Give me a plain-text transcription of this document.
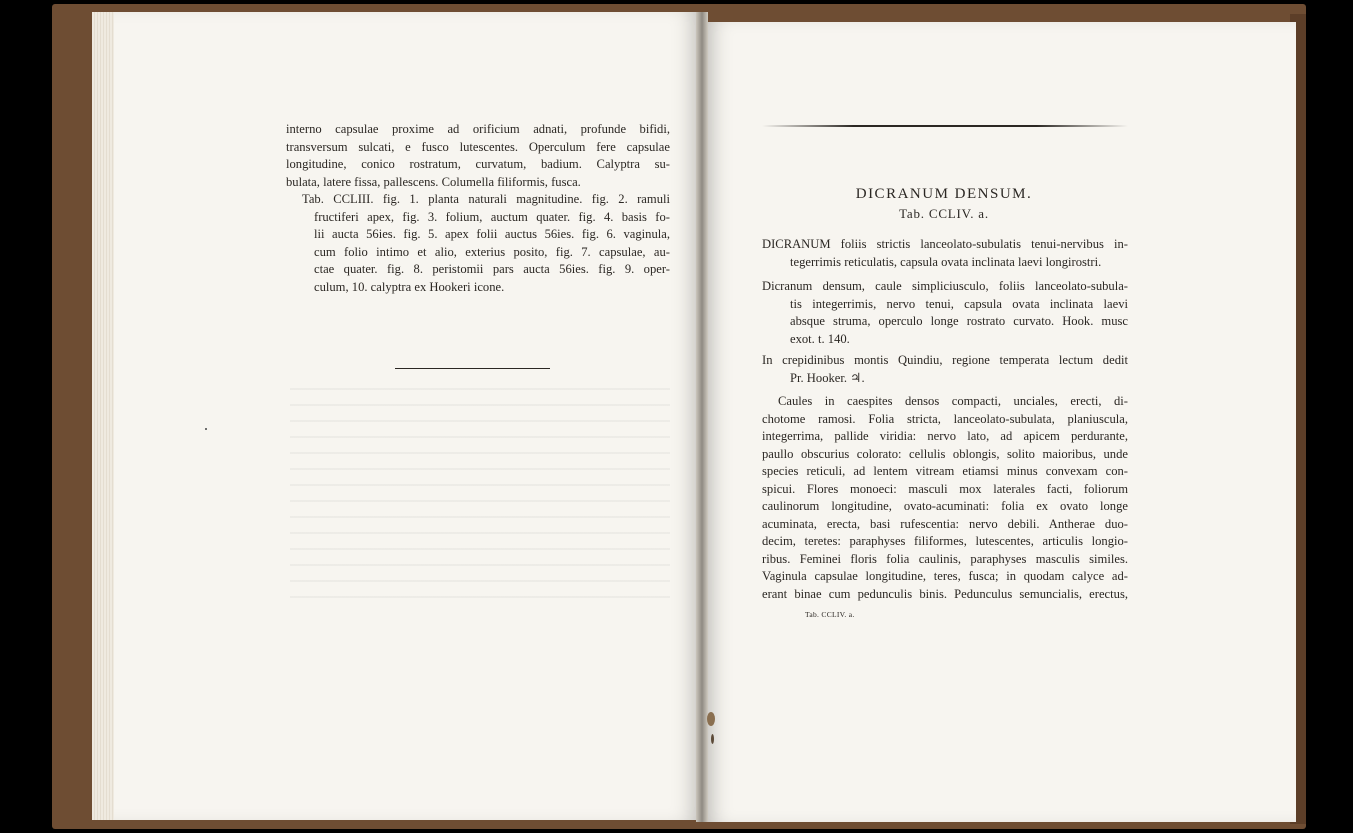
interno capsulae proxime ad orificium adnati, profunde bifidi,
transversum sulcati, e fusco lutescentes. Operculum fere capsulae
longitudine, conico rostratum, curvatum, badium. Calyptra su-
bulata, latere fissa, pallescens. Columella filiformis, fusca.
Tab. CCLIII. fig. 1. planta naturali magnitudine. fig. 2. ramuli
fructiferi apex, fig. 3. folium, auctum quater. fig. 4. basis fo-
lii aucta 56ies. fig. 5. apex folii auctus 56ies. fig. 6. vaginula,
cum folio intimo et alio, exterius posito, fig. 7. capsulae, au-
ctae quater. fig. 8. peristomii pars aucta 56ies. fig. 9. oper-
culum, 10. calyptra ex Hookeri icone.
DICRANUM DENSUM.
Tab. CCLIV. a.
DICRANUM foliis strictis lanceolato-subulatis tenui-nervibus in-
tegerrimis reticulatis, capsula ovata inclinata laevi longirostri.
Dicranum densum, caule simpliciusculo, foliis lanceolato-subula-
tis integerrimis, nervo tenui, capsula ovata inclinata laevi
absque struma, operculo longe rostrato curvato. Hook. musc
exot. t. 140.
In crepidinibus montis Quindiu, regione temperata lectum dedit
Pr. Hooker. ♃.
Caules in caespites densos compacti, unciales, erecti, di-
chotome ramosi. Folia stricta, lanceolato-subulata, planiuscula,
integerrima, pallide viridia: nervo lato, ad apicem perdurante,
paullo obscurius colorato: cellulis oblongis, solito maioribus, unde
species reticuli, ad lentem vitream etiamsi minus convexam con-
spicui. Flores monoeci: masculi mox laterales facti, foliorum
caulinorum longitudine, ovato-acuminati: folia ex ovato longe
acuminata, erecta, basi rufescentia: nervo debili. Antherae duo-
decim, teretes: paraphyses filiformes, lutescentes, articulis longio-
ribus. Feminei floris folia caulinis, paraphyses masculis similes.
Vaginula capsulae longitudine, teres, fusca; in quodam calyce ad-
erant binae cum pedunculis binis. Pedunculus semuncialis, erectus,
Tab. CCLIV. a.
